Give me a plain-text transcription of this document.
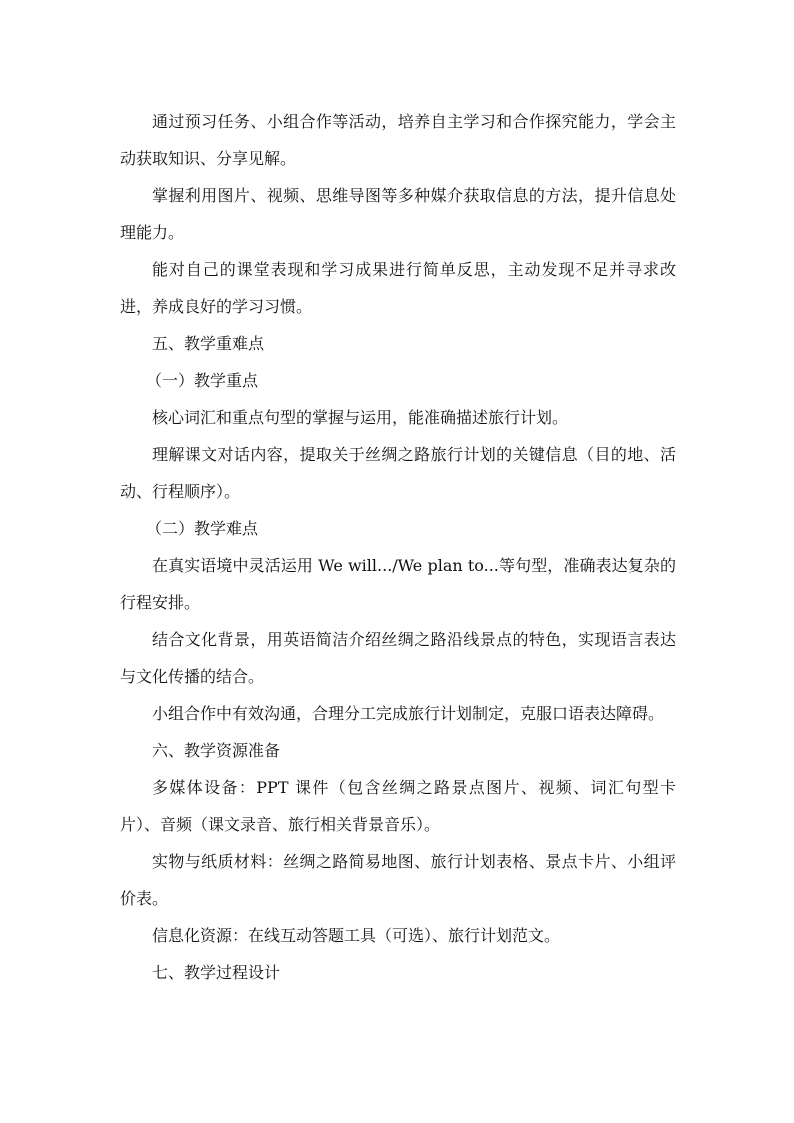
通过预习任务、小组合作等活动，培养自主学习和合作探究能力，学会主动获取知识、分享见解。

掌握利用图片、视频、思维导图等多种媒介获取信息的方法，提升信息处理能力。

能对自己的课堂表现和学习成果进行简单反思，主动发现不足并寻求改进，养成良好的学习习惯。

五、教学重难点

（一）教学重点

核心词汇和重点句型的掌握与运用，能准确描述旅行计划。

理解课文对话内容，提取关于丝绸之路旅行计划的关键信息（目的地、活动、行程顺序）。

（二）教学难点

在真实语境中灵活运用 We will.../We plan to...等句型，准确表达复杂的行程安排。

结合文化背景，用英语简洁介绍丝绸之路沿线景点的特色，实现语言表达与文化传播的结合。

小组合作中有效沟通，合理分工完成旅行计划制定，克服口语表达障碍。

六、教学资源准备

多媒体设备：PPT 课件（包含丝绸之路景点图片、视频、词汇句型卡片）、音频（课文录音、旅行相关背景音乐）。

实物与纸质材料：丝绸之路简易地图、旅行计划表格、景点卡片、小组评价表。

信息化资源：在线互动答题工具（可选）、旅行计划范文。

七、教学过程设计
